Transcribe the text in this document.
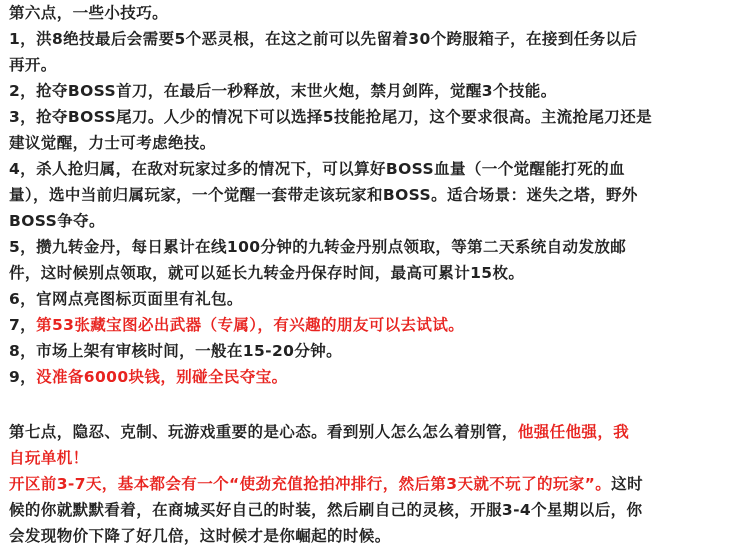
第六点，一些小技巧。
1，洪8绝技最后会需要5个恶灵根，在这之前可以先留着30个跨服箱子，在接到任务以后
再开。
2，抢夺BOSS首刀，在最后一秒释放，末世火炮，禁月剑阵，觉醒3个技能。
3，抢夺BOSS尾刀。人少的情况下可以选择5技能抢尾刀，这个要求很高。主流抢尾刀还是
建议觉醒，力士可考虑绝技。
4，杀人抢归属，在敌对玩家过多的情况下，可以算好BOSS血量（一个觉醒能打死的血
量），选中当前归属玩家，一个觉醒一套带走该玩家和BOSS。适合场景：迷失之塔，野外
BOSS争夺。
5，攒九转金丹，每日累计在线100分钟的九转金丹别点领取，等第二天系统自动发放邮
件，这时候别点领取，就可以延长九转金丹保存时间，最高可累计15枚。
6，官网点亮图标页面里有礼包。
7，第53张藏宝图必出武器（专属），有兴趣的朋友可以去试试。
8，市场上架有审核时间，一般在15-20分钟。
9，没准备6000块钱，别碰全民夺宝。
第七点，隐忍、克制、玩游戏重要的是心态。看到别人怎么怎么着别管，他强任他强，我
自玩单机！
开区前3-7天，基本都会有一个“使劲充值抢拍冲排行，然后第3天就不玩了的玩家”。这时
候的你就默默看着，在商城买好自己的时装，然后刷自己的灵核，开服3-4个星期以后，你
会发现物价下降了好几倍，这时候才是你崛起的时候。
